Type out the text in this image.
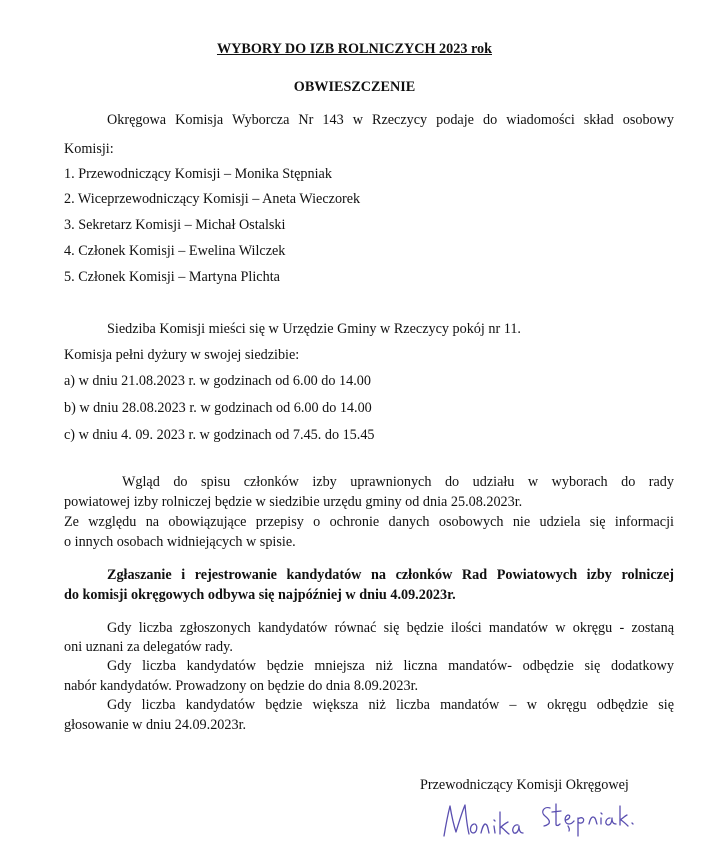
WYBORY DO IZB ROLNICZYCH 2023 rok
OBWIESZCZENIE
Okręgowa Komisja Wyborcza Nr 143 w Rzeczycy podaje do wiadomości skład osobowy
Komisji:
1. Przewodniczący Komisji – Monika Stępniak
2. Wiceprzewodniczący Komisji – Aneta Wieczorek
3. Sekretarz Komisji – Michał Ostalski
4. Członek Komisji – Ewelina Wilczek
5. Członek Komisji – Martyna Plichta
Siedziba Komisji mieści się w Urzędzie Gminy w Rzeczycy pokój nr 11.
Komisja pełni dyżury w swojej siedzibie:
a) w dniu 21.08.2023 r. w godzinach od 6.00 do 14.00
b) w dniu 28.08.2023 r. w godzinach od 6.00 do 14.00
c) w dniu 4. 09. 2023 r. w godzinach od 7.45. do 15.45
Wgląd do spisu członków izby uprawnionych do udziału w wyborach do rady
powiatowej izby rolniczej będzie w siedzibie urzędu gminy od dnia 25.08.2023r.
Ze względu na obowiązujące przepisy o ochronie danych osobowych nie udziela się informacji
o innych osobach widniejących w spisie.
Zgłaszanie i rejestrowanie kandydatów na członków Rad Powiatowych izby rolniczej
do komisji okręgowych odbywa się najpóźniej w dniu 4.09.2023r.
Gdy liczba zgłoszonych kandydatów równać się będzie ilości mandatów w okręgu - zostaną
oni uznani za delegatów rady.
Gdy liczba kandydatów będzie mniejsza niż liczna mandatów- odbędzie się dodatkowy
nabór kandydatów. Prowadzony on będzie do dnia 8.09.2023r.
Gdy liczba kandydatów będzie większa niż liczba mandatów – w okręgu odbędzie się
głosowanie w dniu 24.09.2023r.
Przewodniczący Komisji Okręgowej
